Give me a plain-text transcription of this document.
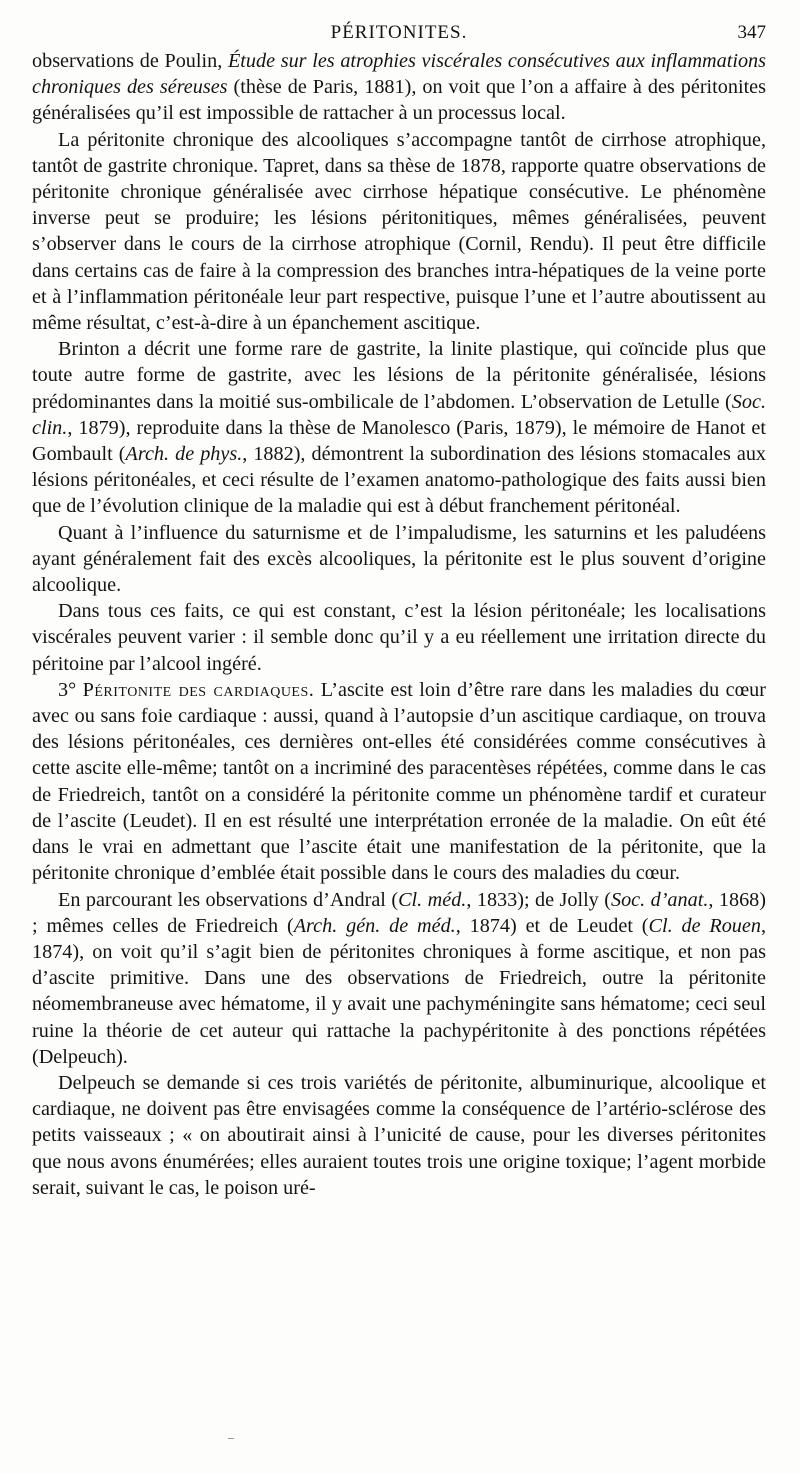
PÉRITONITES.	347

observations de Poulin, Étude sur les atrophies viscérales consécutives aux inflammations chroniques des séreuses (thèse de Paris, 1881), on voit que l’on a affaire à des péritonites généralisées qu’il est impossible de rattacher à un processus local.

La péritonite chronique des alcooliques s’accompagne tantôt de cirrhose atrophique, tantôt de gastrite chronique. Tapret, dans sa thèse de 1878, rapporte quatre observations de péritonite chronique généralisée avec cirrhose hépatique consécutive. Le phénomène inverse peut se produire; les lésions péritonitiques, mêmes généralisées, peuvent s’observer dans le cours de la cirrhose atrophique (Cornil, Rendu). Il peut être difficile dans certains cas de faire à la compression des branches intra-hépatiques de la veine porte et à l’inflammation péritonéale leur part respective, puisque l’une et l’autre aboutissent au même résultat, c’est-à-dire à un épanchement ascitique.

Brinton a décrit une forme rare de gastrite, la linite plastique, qui coïncide plus que toute autre forme de gastrite, avec les lésions de la péritonite généralisée, lésions prédominantes dans la moitié sus-ombilicale de l’abdomen. L’observation de Letulle (Soc. clin., 1879), reproduite dans la thèse de Manolesco (Paris, 1879), le mémoire de Hanot et Gombault (Arch. de phys., 1882), démontrent la subordination des lésions stomacales aux lésions péritonéales, et ceci résulte de l’examen anatomo-pathologique des faits aussi bien que de l’évolution clinique de la maladie qui est à début franchement péritonéal.

Quant à l’influence du saturnisme et de l’impaludisme, les saturnins et les paludéens ayant généralement fait des excès alcooliques, la péritonite est le plus souvent d’origine alcoolique.

Dans tous ces faits, ce qui est constant, c’est la lésion péritonéale; les localisations viscérales peuvent varier : il semble donc qu’il y a eu réellement une irritation directe du péritoine par l’alcool ingéré.

3° Péritonite des cardiaques. L’ascite est loin d’être rare dans les maladies du cœur avec ou sans foie cardiaque : aussi, quand à l’autopsie d’un ascitique cardiaque, on trouva des lésions péritonéales, ces dernières ont-elles été considérées comme consécutives à cette ascite elle-même; tantôt on a incriminé des paracentèses répétées, comme dans le cas de Friedreich, tantôt on a considéré la péritonite comme un phénomène tardif et curateur de l’ascite (Leudet). Il en est résulté une interprétation erronée de la maladie. On eût été dans le vrai en admettant que l’ascite était une manifestation de la péritonite, que la péritonite chronique d’emblée était possible dans le cours des maladies du cœur.

En parcourant les observations d’Andral (Cl. méd., 1833); de Jolly (Soc. d’anat., 1868) ; mêmes celles de Friedreich (Arch. gén. de méd., 1874) et de Leudet (Cl. de Rouen, 1874), on voit qu’il s’agit bien de péritonites chroniques à forme ascitique, et non pas d’ascite primitive. Dans une des observations de Friedreich, outre la péritonite néomembraneuse avec hématome, il y avait une pachyméningite sans hématome; ceci seul ruine la théorie de cet auteur qui rattache la pachypéritonite à des ponctions répétées (Delpeuch).

Delpeuch se demande si ces trois variétés de péritonite, albuminurique, alcoolique et cardiaque, ne doivent pas être envisagées comme la conséquence de l’artério-sclérose des petits vaisseaux ; « on aboutirait ainsi à l’unicité de cause, pour les diverses péritonites que nous avons énumérées; elles auraient toutes trois une origine toxique; l’agent morbide serait, suivant le cas, le poison uré-
